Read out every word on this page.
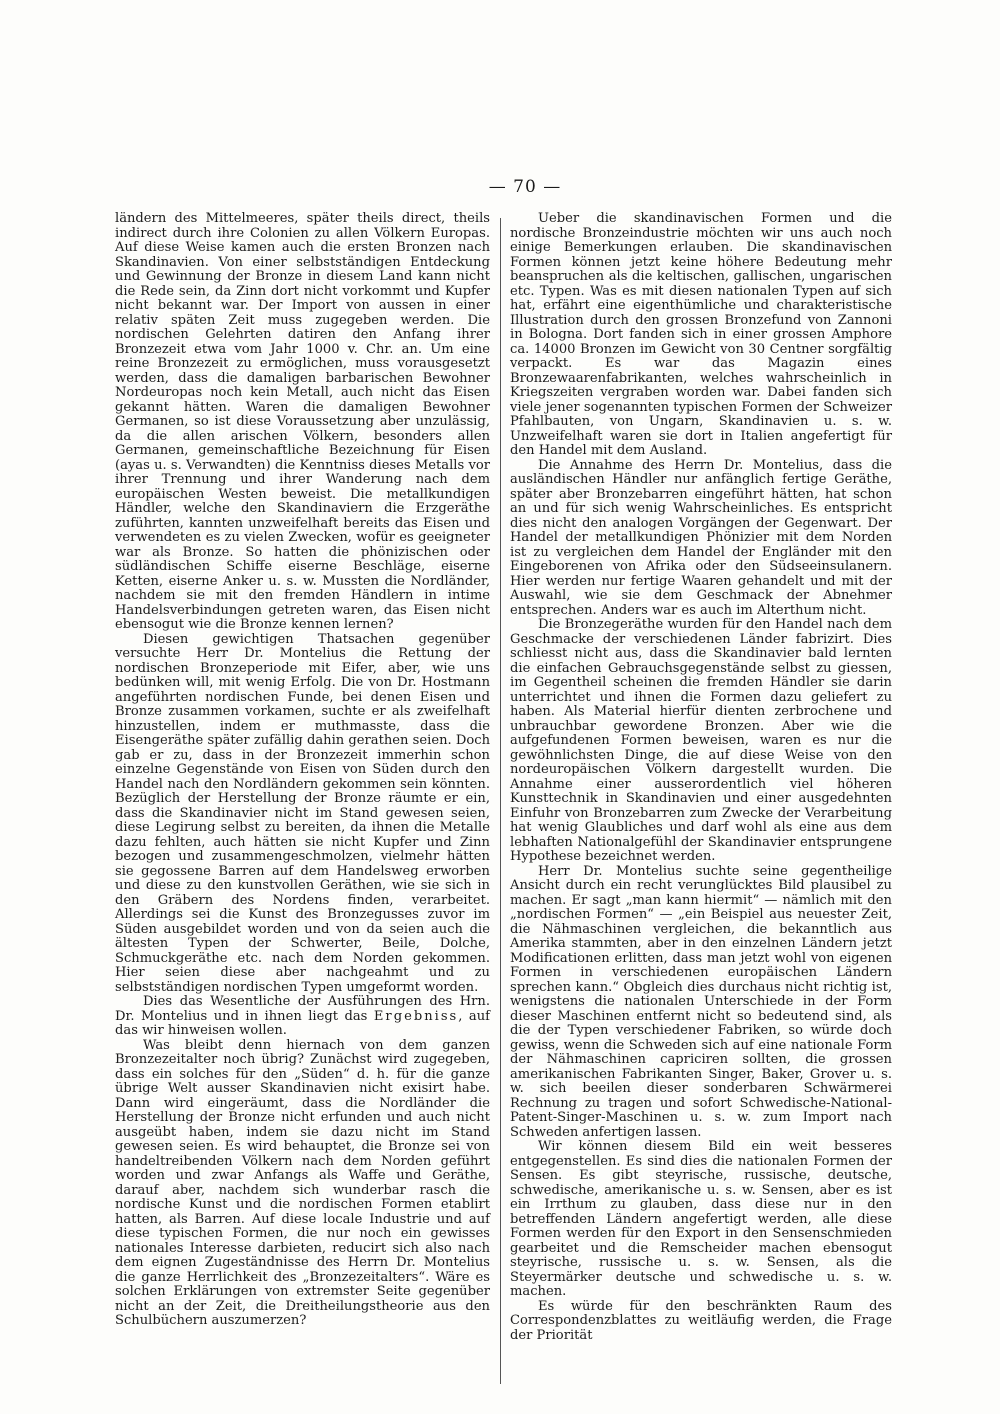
— 70 —

ländern des Mittelmeeres, später theils direct, theils indirect durch ihre Colonien zu allen Völkern Europas. Auf diese Weise kamen auch die ersten Bronzen nach Skandinavien. Von einer selbstständigen Entdeckung und Gewinnung der Bronze in diesem Land kann nicht die Rede sein, da Zinn dort nicht vorkommt und Kupfer nicht bekannt war. Der Import von aussen in einer relativ späten Zeit muss zugegeben werden. Die nordischen Gelehrten datiren den Anfang ihrer Bronzezeit etwa vom Jahr 1000 v. Chr. an. Um eine reine Bronzezeit zu ermöglichen, muss vorausgesetzt werden, dass die damaligen barbarischen Bewohner Nordeuropas noch kein Metall, auch nicht das Eisen gekannt hätten. Waren die damaligen Bewohner Germanen, so ist diese Voraussetzung aber unzulässig, da die allen arischen Völkern, besonders allen Germanen, gemeinschaftliche Bezeichnung für Eisen (ayas u. s. Verwandten) die Kenntniss dieses Metalls vor ihrer Trennung und ihrer Wanderung nach dem europäischen Westen beweist. Die metallkundigen Händler, welche den Skandinaviern die Erzgeräthe zuführten, kannten unzweifelhaft bereits das Eisen und verwendeten es zu vielen Zwecken, wofür es geeigneter war als Bronze. So hatten die phönizischen oder südländischen Schiffe eiserne Beschläge, eiserne Ketten, eiserne Anker u. s. w. Mussten die Nordländer, nachdem sie mit den fremden Händlern in intime Handelsverbindungen getreten waren, das Eisen nicht ebensogut wie die Bronze kennen lernen?

Diesen gewichtigen Thatsachen gegenüber versuchte Herr Dr. Montelius die Rettung der nordischen Bronzeperiode mit Eifer, aber, wie uns bedünken will, mit wenig Erfolg. Die von Dr. Hostmann angeführten nordischen Funde, bei denen Eisen und Bronze zusammen vorkamen, suchte er als zweifelhaft hinzustellen, indem er muthmasste, dass die Eisengeräthe später zufällig dahin gerathen seien. Doch gab er zu, dass in der Bronzezeit immerhin schon einzelne Gegenstände von Eisen von Süden durch den Handel nach den Nordländern gekommen sein könnten. Bezüglich der Herstellung der Bronze räumte er ein, dass die Skandinavier nicht im Stand gewesen seien, diese Legirung selbst zu bereiten, da ihnen die Metalle dazu fehlten, auch hätten sie nicht Kupfer und Zinn bezogen und zusammengeschmolzen, vielmehr hätten sie gegossene Barren auf dem Handelsweg erworben und diese zu den kunstvollen Geräthen, wie sie sich in den Gräbern des Nordens finden, verarbeitet. Allerdings sei die Kunst des Bronzegusses zuvor im Süden ausgebildet worden und von da seien auch die ältesten Typen der Schwerter, Beile, Dolche, Schmuckgeräthe etc. nach dem Norden gekommen. Hier seien diese aber nachgeahmt und zu selbstständigen nordischen Typen umgeformt worden.

Dies das Wesentliche der Ausführungen des Hrn. Dr. Montelius und in ihnen liegt das Ergebniss, auf das wir hinweisen wollen.

Was bleibt denn hiernach von dem ganzen Bronzezeitalter noch übrig? Zunächst wird zugegeben, dass ein solches für den „Süden“ d. h. für die ganze übrige Welt ausser Skandinavien nicht exisirt habe. Dann wird eingeräumt, dass die Nordländer die Herstellung der Bronze nicht erfunden und auch nicht ausgeübt haben, indem sie dazu nicht im Stand gewesen seien. Es wird behauptet, die Bronze sei von handeltreibenden Völkern nach dem Norden geführt worden und zwar Anfangs als Waffe und Geräthe, darauf aber, nachdem sich wunderbar rasch die nordische Kunst und die nordischen Formen etablirt hatten, als Barren. Auf diese locale Industrie und auf diese typischen Formen, die nur noch ein gewisses nationales Interesse darbieten, reducirt sich also nach dem eignen Zugeständnisse des Herrn Dr. Montelius die ganze Herrlichkeit des „Bronzezeitalters“. Wäre es solchen Erklärungen von extremster Seite gegenüber nicht an der Zeit, die Dreitheilungstheorie aus den Schulbüchern auszumerzen?

Ueber die skandinavischen Formen und die nordische Bronzeindustrie möchten wir uns auch noch einige Bemerkungen erlauben. Die skandinavischen Formen können jetzt keine höhere Bedeutung mehr beanspruchen als die keltischen, gallischen, ungarischen etc. Typen. Was es mit diesen nationalen Typen auf sich hat, erfährt eine eigenthümliche und charakteristische Illustration durch den grossen Bronzefund von Zannoni in Bologna. Dort fanden sich in einer grossen Amphore ca. 14000 Bronzen im Gewicht von 30 Centner sorgfältig verpackt. Es war das Magazin eines Bronzewaarenfabrikanten, welches wahrscheinlich in Kriegszeiten vergraben worden war. Dabei fanden sich viele jener sogenannten typischen Formen der Schweizer Pfahlbauten, von Ungarn, Skandinavien u. s. w. Unzweifelhaft waren sie dort in Italien angefertigt für den Handel mit dem Ausland.

Die Annahme des Herrn Dr. Montelius, dass die ausländischen Händler nur anfänglich fertige Geräthe, später aber Bronzebarren eingeführt hätten, hat schon an und für sich wenig Wahrscheinliches. Es entspricht dies nicht den analogen Vorgängen der Gegenwart. Der Handel der metallkundigen Phönizier mit dem Norden ist zu vergleichen dem Handel der Engländer mit den Eingeborenen von Afrika oder den Südseeinsulanern. Hier werden nur fertige Waaren gehandelt und mit der Auswahl, wie sie dem Geschmack der Abnehmer entsprechen. Anders war es auch im Alterthum nicht.

Die Bronzegeräthe wurden für den Handel nach dem Geschmacke der verschiedenen Länder fabrizirt. Dies schliesst nicht aus, dass die Skandinavier bald lernten die einfachen Gebrauchsgegenstände selbst zu giessen, im Gegentheil scheinen die fremden Händler sie darin unterrichtet und ihnen die Formen dazu geliefert zu haben. Als Material hierfür dienten zerbrochene und unbrauchbar gewordene Bronzen. Aber wie die aufgefundenen Formen beweisen, waren es nur die gewöhnlichsten Dinge, die auf diese Weise von den nordeuropäischen Völkern dargestellt wurden. Die Annahme einer ausserordentlich viel höheren Kunsttechnik in Skandinavien und einer ausgedehnten Einfuhr von Bronzebarren zum Zwecke der Verarbeitung hat wenig Glaubliches und darf wohl als eine aus dem lebhaften Nationalgefühl der Skandinavier entsprungene Hypothese bezeichnet werden.

Herr Dr. Montelius suchte seine gegentheilige Ansicht durch ein recht verunglücktes Bild plausibel zu machen. Er sagt „man kann hiermit“ — nämlich mit den „nordischen Formen“ — „ein Beispiel aus neuester Zeit, die Nähmaschinen vergleichen, die bekanntlich aus Amerika stammten, aber in den einzelnen Ländern jetzt Modificationen erlitten, dass man jetzt wohl von eigenen Formen in verschiedenen europäischen Ländern sprechen kann.“ Obgleich dies durchaus nicht richtig ist, wenigstens die nationalen Unterschiede in der Form dieser Maschinen entfernt nicht so bedeutend sind, als die der Typen verschiedener Fabriken, so würde doch gewiss, wenn die Schweden sich auf eine nationale Form der Nähmaschinen capriciren sollten, die grossen amerikanischen Fabrikanten Singer, Baker, Grover u. s. w. sich beeilen dieser sonderbaren Schwärmerei Rechnung zu tragen und sofort Schwedische-National-Patent-Singer-Maschinen u. s. w. zum Import nach Schweden anfertigen lassen.

Wir können diesem Bild ein weit besseres entgegenstellen. Es sind dies die nationalen Formen der Sensen. Es gibt steyrische, russische, deutsche, schwedische, amerikanische u. s. w. Sensen, aber es ist ein Irrthum zu glauben, dass diese nur in den betreffenden Ländern angefertigt werden, alle diese Formen werden für den Export in den Sensenschmieden gearbeitet und die Remscheider machen ebensogut steyrische, russische u. s. w. Sensen, als die Steyermärker deutsche und schwedische u. s. w. machen.

Es würde für den beschränkten Raum des Correspondenzblattes zu weitläufig werden, die Frage der Priorität
